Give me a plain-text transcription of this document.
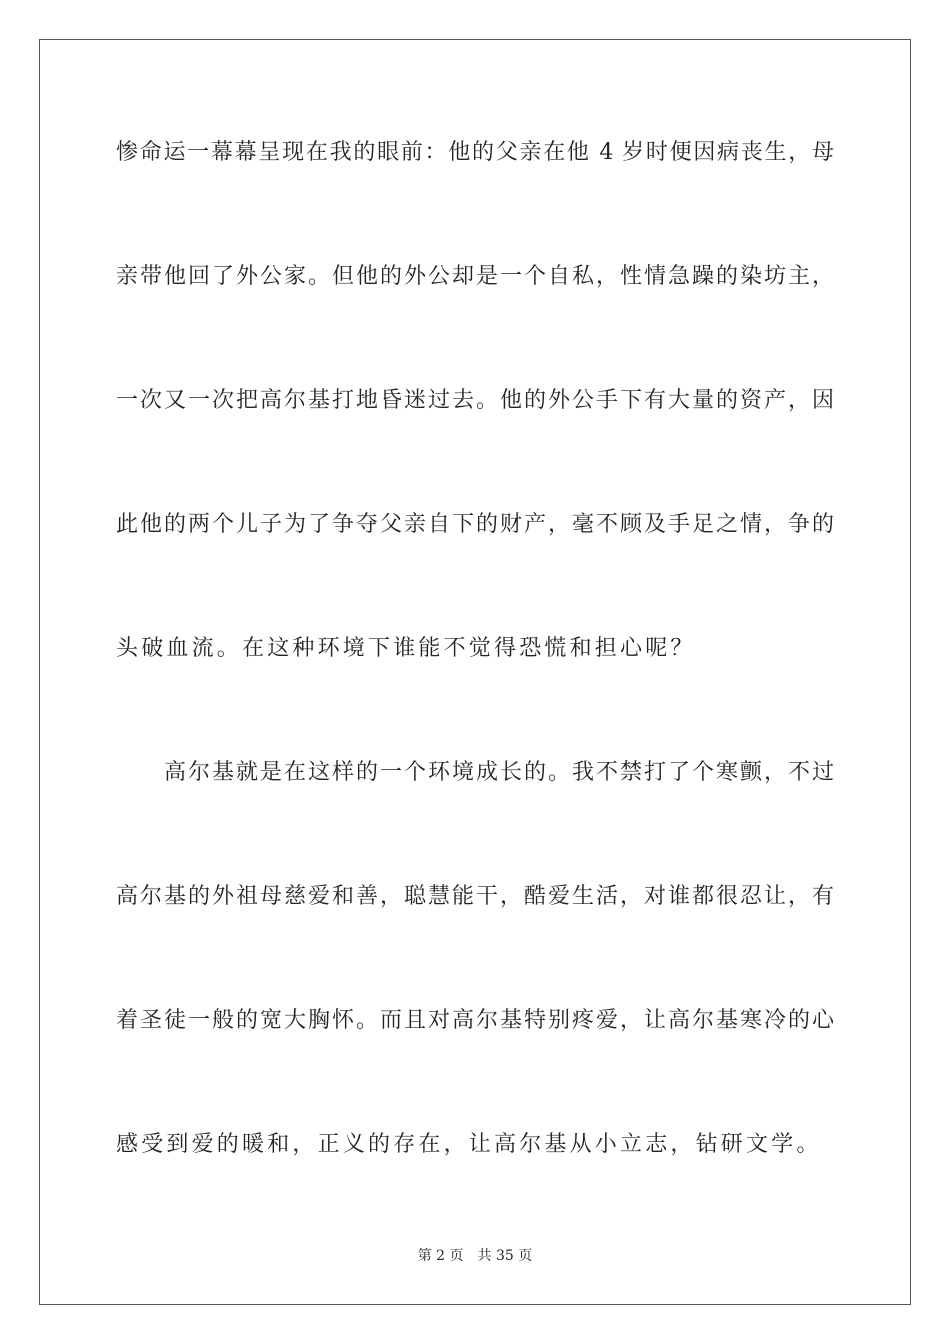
惨命运一幕幕呈现在我的眼前：他的父亲在他 4 岁时便因病丧生，母
亲带他回了外公家。但他的外公却是一个自私，性情急躁的染坊主，
一次又一次把高尔基打地昏迷过去。他的外公手下有大量的资产，因
此他的两个儿子为了争夺父亲自下的财产，毫不顾及手足之情，争的
头破血流。在这种环境下谁能不觉得恐慌和担心呢？
高尔基就是在这样的一个环境成长的。我不禁打了个寒颤，不过
高尔基的外祖母慈爱和善，聪慧能干，酷爱生活，对谁都很忍让，有
着圣徒一般的宽大胸怀。而且对高尔基特别疼爱，让高尔基寒冷的心
感受到爱的暖和，正义的存在，让高尔基从小立志，钻研文学。
第 2 页 共 35 页
